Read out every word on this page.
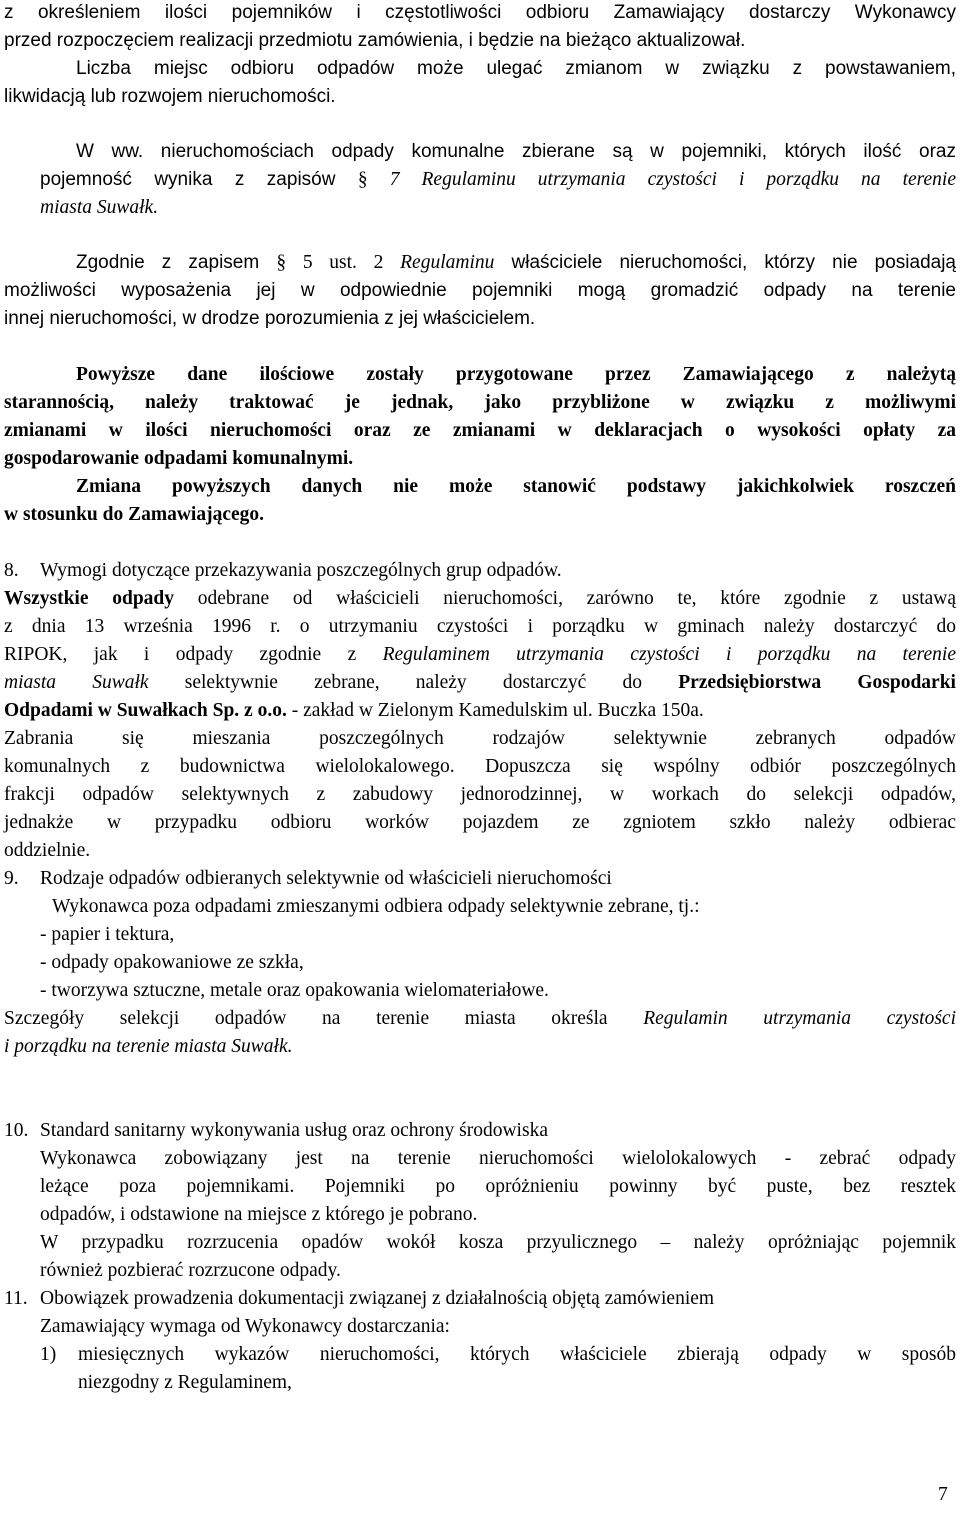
z określeniem ilości pojemników i częstotliwości odbioru Zamawiający dostarczy Wykonawcy
przed rozpoczęciem realizacji przedmiotu zamówienia, i będzie na bieżąco aktualizował.
Liczba miejsc odbioru odpadów może ulegać zmianom w związku z powstawaniem,
likwidacją lub rozwojem nieruchomości.
W ww. nieruchomościach odpady komunalne zbierane są w pojemniki, których ilość oraz
pojemność wynika z zapisów § 7 Regulaminu utrzymania czystości i porządku na terenie
miasta Suwałk.
Zgodnie z zapisem § 5 ust. 2 Regulaminu właściciele nieruchomości, którzy nie posiadają
możliwości wyposażenia jej w odpowiednie pojemniki mogą gromadzić odpady na terenie
innej nieruchomości, w drodze porozumienia z jej właścicielem.
Powyższe dane ilościowe zostały przygotowane przez Zamawiającego z należytą
starannością, należy traktować je jednak, jako przybliżone w związku z możliwymi
zmianami w ilości nieruchomości oraz ze zmianami w deklaracjach o wysokości opłaty za
gospodarowanie odpadami komunalnymi.
Zmiana powyższych danych nie może stanowić podstawy jakichkolwiek roszczeń
w stosunku do Zamawiającego.
8. Wymogi dotyczące przekazywania poszczególnych grup odpadów.
Wszystkie odpady odebrane od właścicieli nieruchomości, zarówno te, które zgodnie z ustawą
z dnia 13 września 1996 r. o utrzymaniu czystości i porządku w gminach należy dostarczyć do
RIPOK, jak i odpady zgodnie z Regulaminem utrzymania czystości i porządku na terenie
miasta Suwałk selektywnie zebrane, należy dostarczyć do Przedsiębiorstwa Gospodarki
Odpadami w Suwałkach Sp. z o.o. - zakład w Zielonym Kamedulskim ul. Buczka 150a.
Zabrania się mieszania poszczególnych rodzajów selektywnie zebranych odpadów
komunalnych z budownictwa wielolokalowego. Dopuszcza się wspólny odbiór poszczególnych
frakcji odpadów selektywnych z zabudowy jednorodzinnej, w workach do selekcji odpadów,
jednakże w przypadku odbioru worków pojazdem ze zgniotem szkło należy odbierac
oddzielnie.
9. Rodzaje odpadów odbieranych selektywnie od właścicieli nieruchomości
Wykonawca poza odpadami zmieszanymi odbiera odpady selektywnie zebrane, tj.:
- papier i tektura,
- odpady opakowaniowe ze szkła,
- tworzywa sztuczne, metale oraz opakowania wielomateriałowe.
Szczegóły selekcji odpadów na terenie miasta określa Regulamin utrzymania czystości
i porządku na terenie miasta Suwałk.
10. Standard sanitarny wykonywania usług oraz ochrony środowiska
Wykonawca zobowiązany jest na terenie nieruchomości wielolokalowych - zebrać odpady
leżące poza pojemnikami. Pojemniki po opróżnieniu powinny być puste, bez resztek
odpadów, i odstawione na miejsce z którego je pobrano.
W przypadku rozrzucenia opadów wokół kosza przyulicznego – należy opróżniając pojemnik
również pozbierać rozrzucone odpady.
11. Obowiązek prowadzenia dokumentacji związanej z działalnością objętą zamówieniem
Zamawiający wymaga od Wykonawcy dostarczania:
1) miesięcznych wykazów nieruchomości, których właściciele zbierają odpady w sposób
niezgodny z Regulaminem,
7
